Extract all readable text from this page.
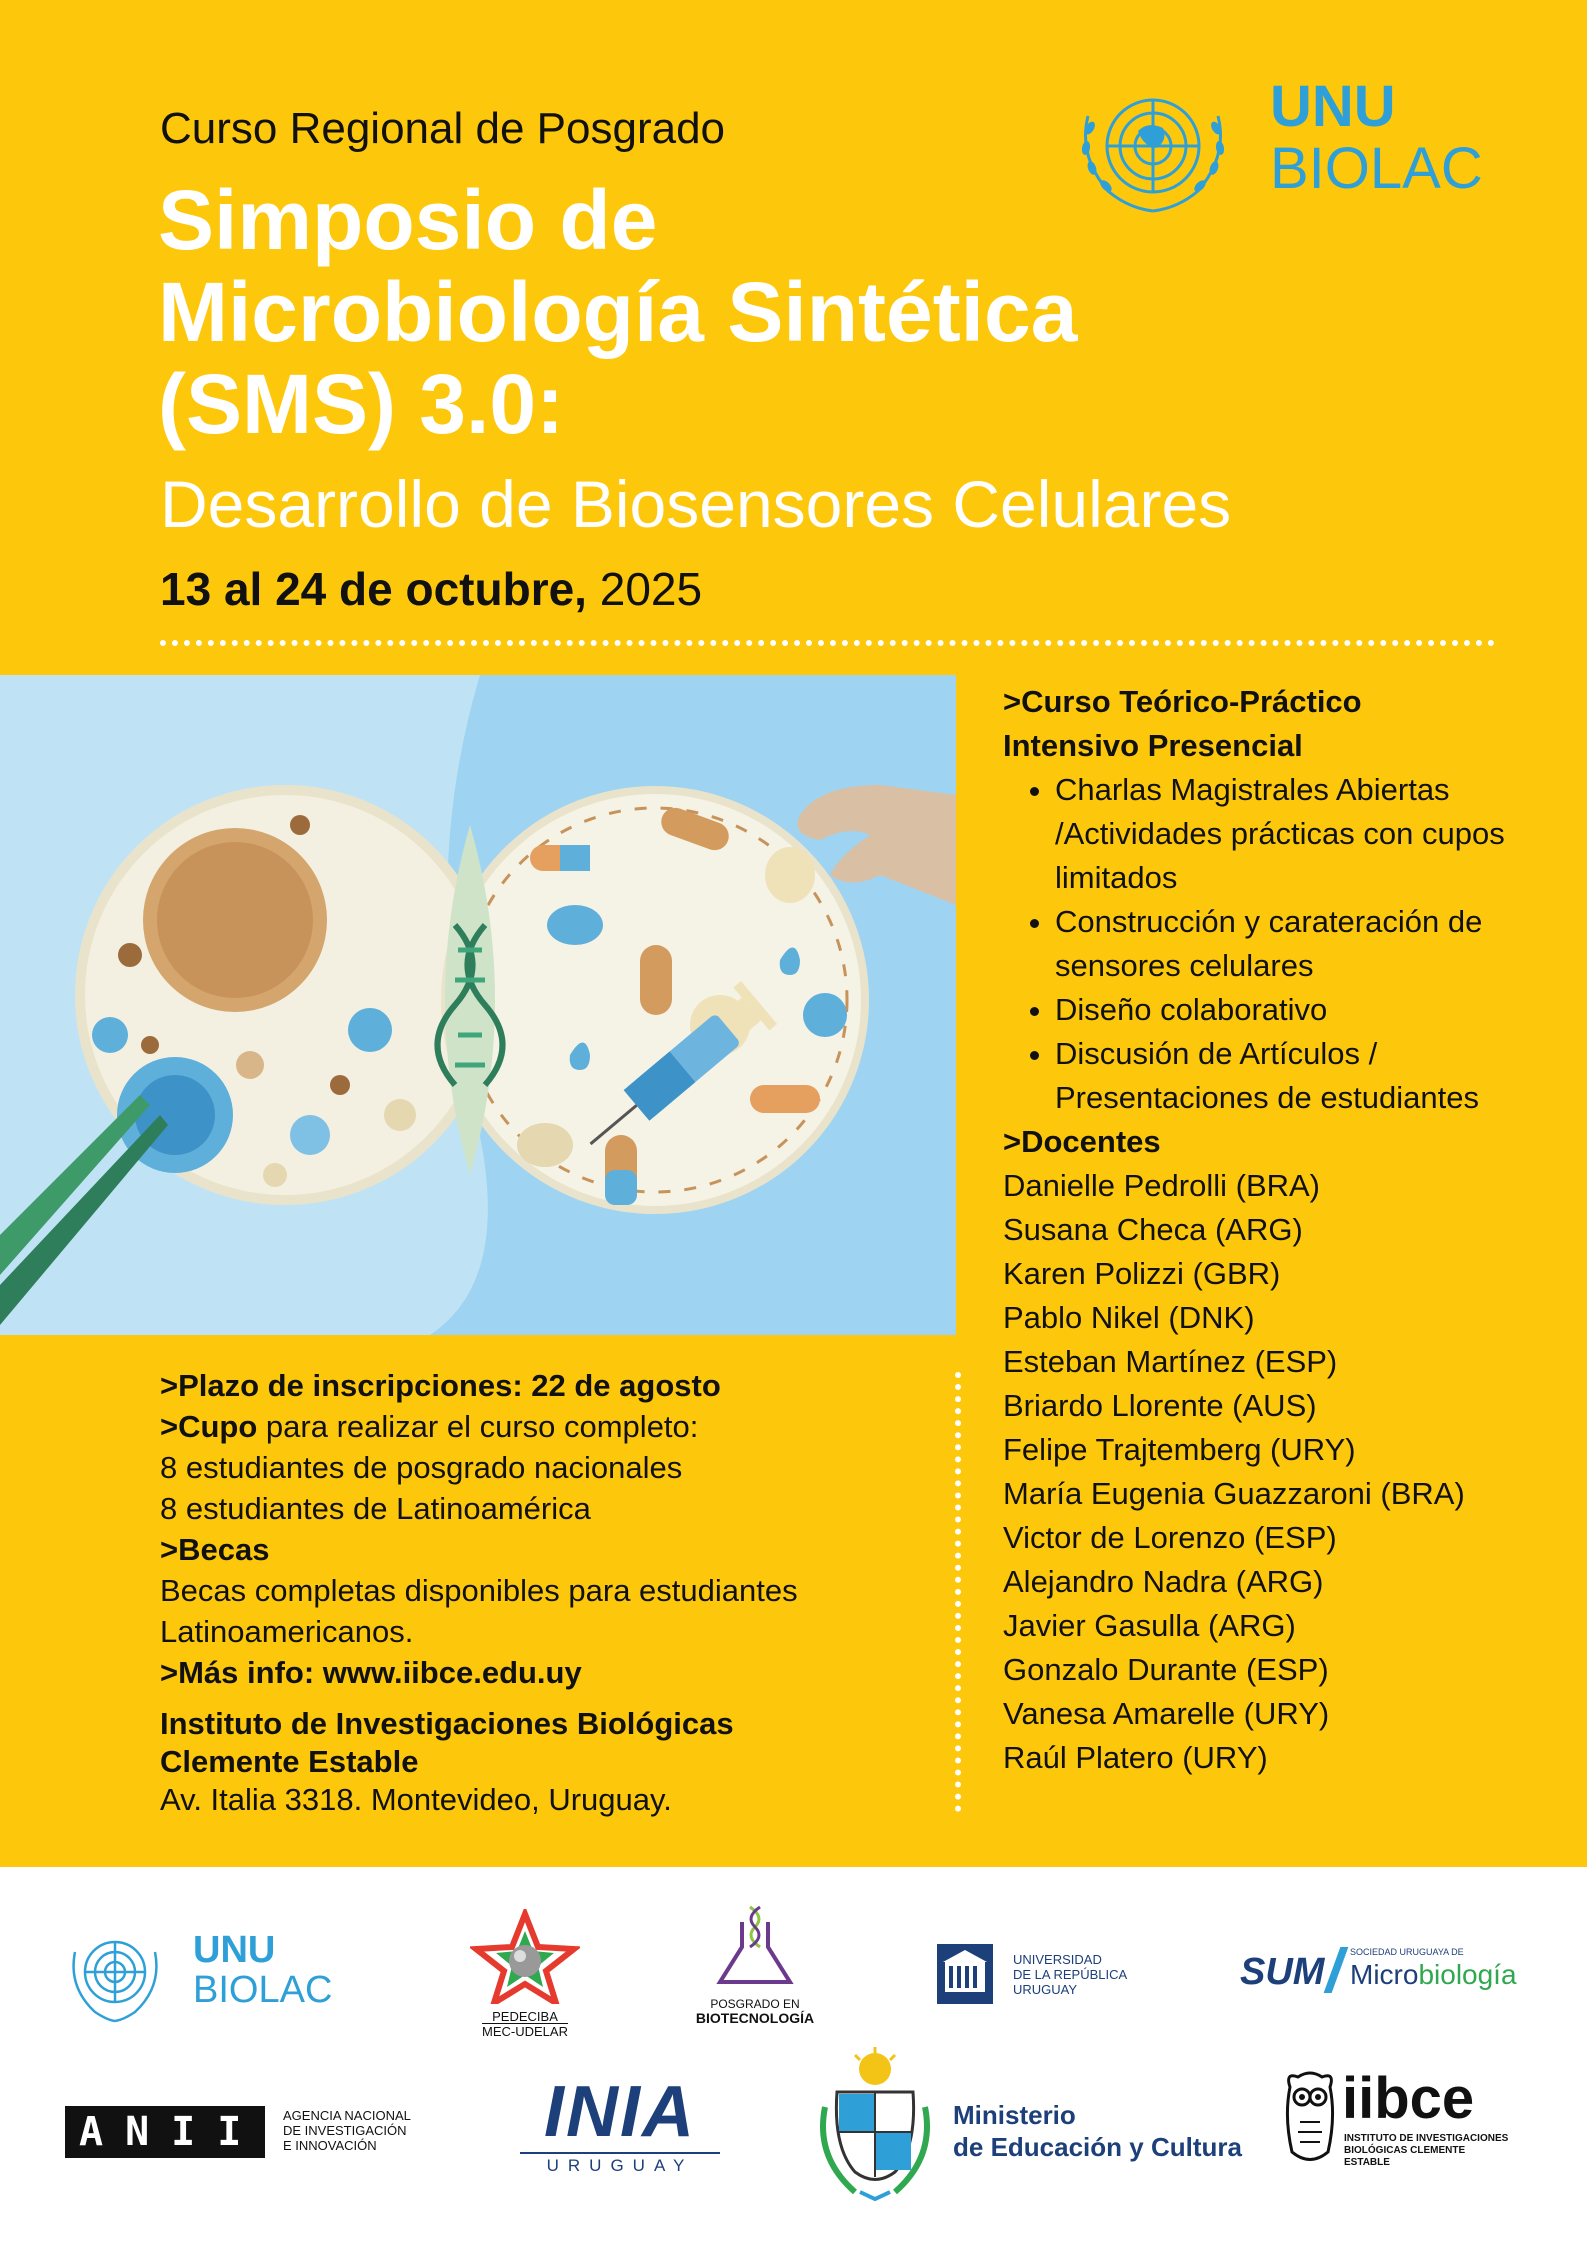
Curso Regional de Posgrado
Simposio de
Microbiología Sintética
(SMS) 3.0:
Desarrollo de Biosensores Celulares
13 al 24 de octubre, 2025
UNU
BIOLAC
>Curso Teórico-Práctico
Intensivo Presencial
• Charlas Magistrales Abiertas /Actividades prácticas con cupos limitados
• Construcción y carateración de sensores celulares
• Diseño colaborativo
• Discusión de Artículos / Presentaciones de estudiantes
>Docentes
Danielle Pedrolli (BRA)
Susana Checa (ARG)
Karen Polizzi (GBR)
Pablo Nikel (DNK)
Esteban Martínez (ESP)
Briardo Llorente (AUS)
Felipe Trajtemberg (URY)
María Eugenia Guazzaroni (BRA)
Victor de Lorenzo (ESP)
Alejandro Nadra (ARG)
Javier Gasulla (ARG)
Gonzalo Durante (ESP)
Vanesa Amarelle (URY)
Raúl Platero (URY)
>Plazo de inscripciones: 22 de agosto
>Cupo para realizar el curso completo:
8 estudiantes de posgrado nacionales
8 estudiantes de Latinoamérica
>Becas
Becas completas disponibles para estudiantes Latinoamericanos.
>Más info: www.iibce.edu.uy
Instituto de Investigaciones Biológicas
Clemente Estable
Av. Italia 3318. Montevideo, Uruguay.
UNU
BIOLAC
PEDECIBA
MEC-UDELAR
POSGRADO EN
BIOTECNOLOGÍA
UNIVERSIDAD
DE LA REPÚBLICA
URUGUAY	SUM	SOCIEDAD URUGUAYA DE
Microbiología
ANII AGENCIA NACIONAL
DE INVESTIGACIÓN
E INNOVACIÓN	INIA
URUGUAY
Ministerio
de Educación y Cultura
iibce
INSTITUTO DE INVESTIGACIONES
BIOLÓGICAS CLEMENTE ESTABLE
